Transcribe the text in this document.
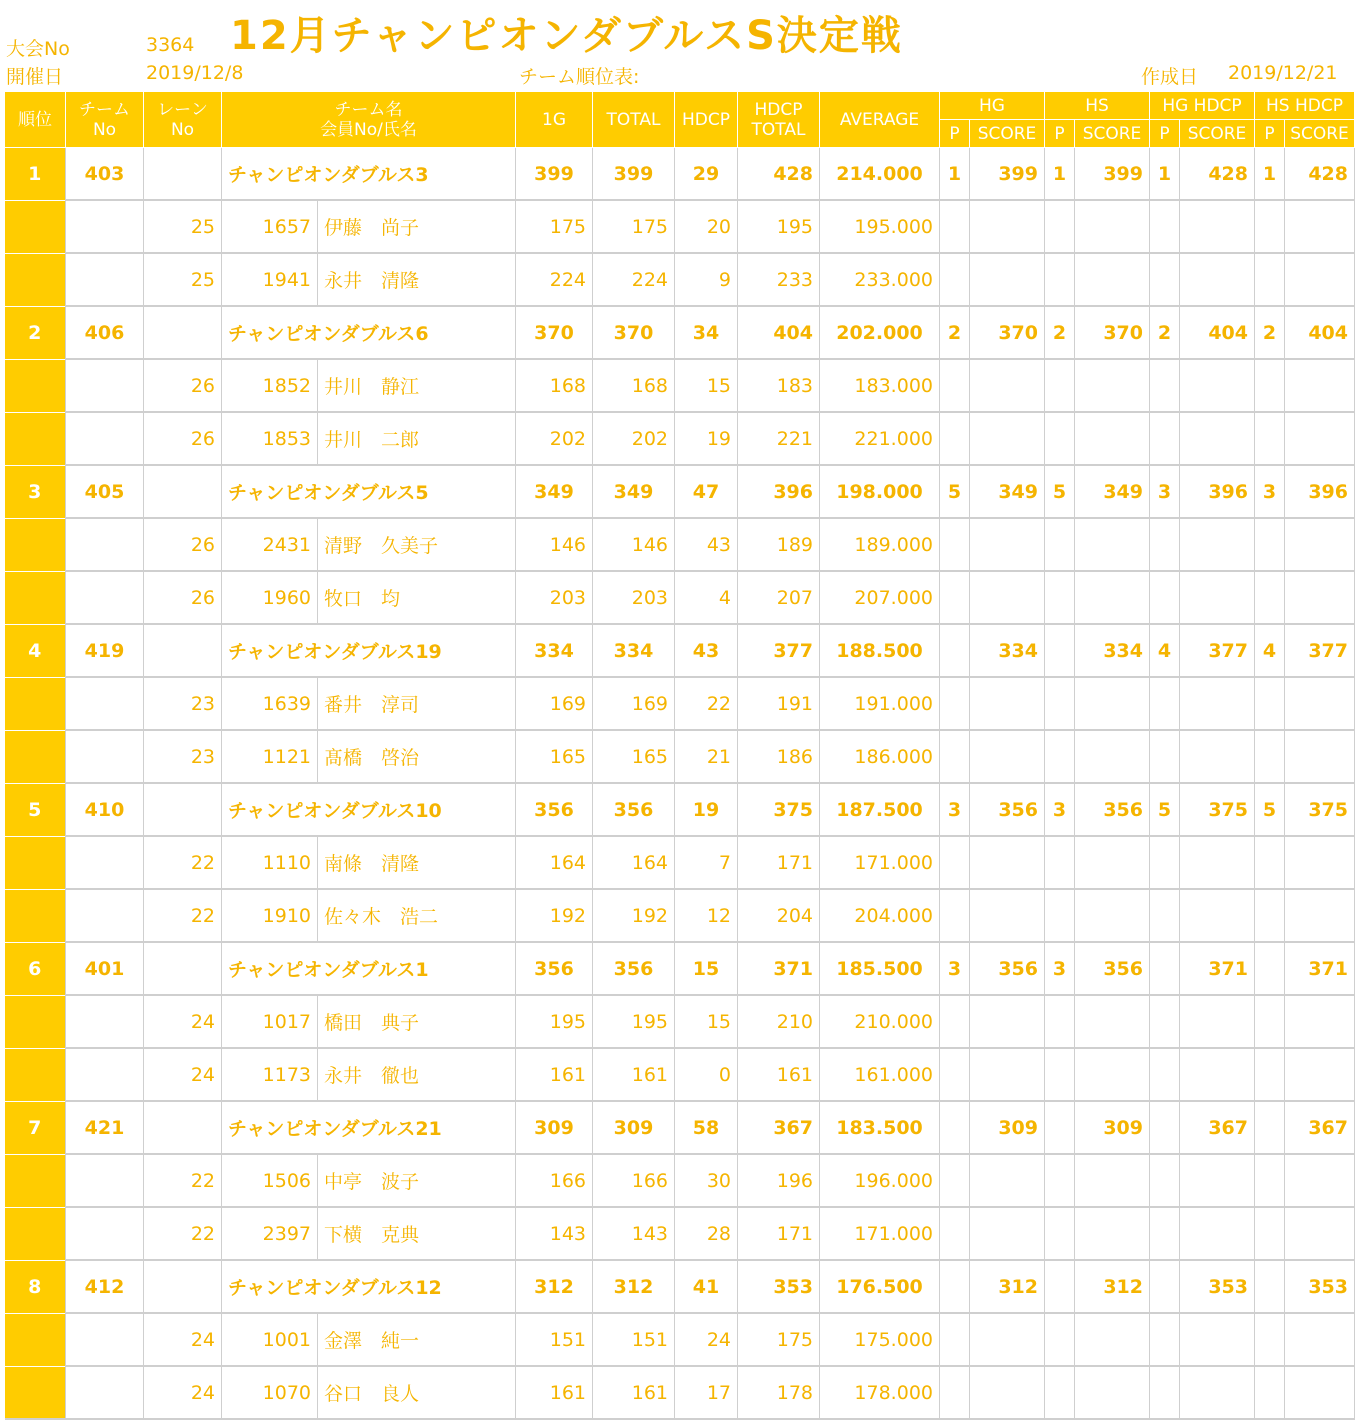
大会No	3364 12月チャンピオンダブルスS決定戦
開催日	2019/12/8	チーム順位表:	作成日 2019/12/21
順位	チーム
No	レーン
No	チーム名
会員No/氏名		1G	TOTAL	HDCP	HDCP
TOTAL	AVERAGE	HG		HS		HG HDCP		HS HDCP	
										P	SCORE	P	SCORE	P	SCORE	P	SCORE
1	403		チャンピオンダブルス3		399	399	29	428	214.000	1	399	1	399	1	428	1	428
		25	1657	伊藤　尚子	175	175	20	195	195.000								
		25	1941	永井　清隆	224	224	9	233	233.000								
2	406		チャンピオンダブルス6		370	370	34	404	202.000	2	370	2	370	2	404	2	404
		26	1852	井川　静江	168	168	15	183	183.000								
		26	1853	井川　二郎	202	202	19	221	221.000								
3	405		チャンピオンダブルス5		349	349	47	396	198.000	5	349	5	349	3	396	3	396
		26	2431	清野　久美子	146	146	43	189	189.000								
		26	1960	牧口　均	203	203	4	207	207.000								
4	419		チャンピオンダブルス19		334	334	43	377	188.500		334		334	4	377	4	377
		23	1639	番井　淳司	169	169	22	191	191.000								
		23	1121	髙橋　啓治	165	165	21	186	186.000								
5	410		チャンピオンダブルス10		356	356	19	375	187.500	3	356	3	356	5	375	5	375
		22	1110	南條　清隆	164	164	7	171	171.000								
		22	1910	佐々木　浩二	192	192	12	204	204.000								
6	401		チャンピオンダブルス1		356	356	15	371	185.500	3	356	3	356		371		371
		24	1017	橋田　典子	195	195	15	210	210.000								
		24	1173	永井　徹也	161	161	0	161	161.000								
7	421		チャンピオンダブルス21		309	309	58	367	183.500		309		309		367		367
		22	1506	中亭　波子	166	166	30	196	196.000								
		22	2397	下横　克典	143	143	28	171	171.000								
8	412		チャンピオンダブルス12		312	312	41	353	176.500		312		312		353		353
		24	1001	金澤　純一	151	151	24	175	175.000								
		24	1070	谷口　良人	161	161	17	178	178.000								
